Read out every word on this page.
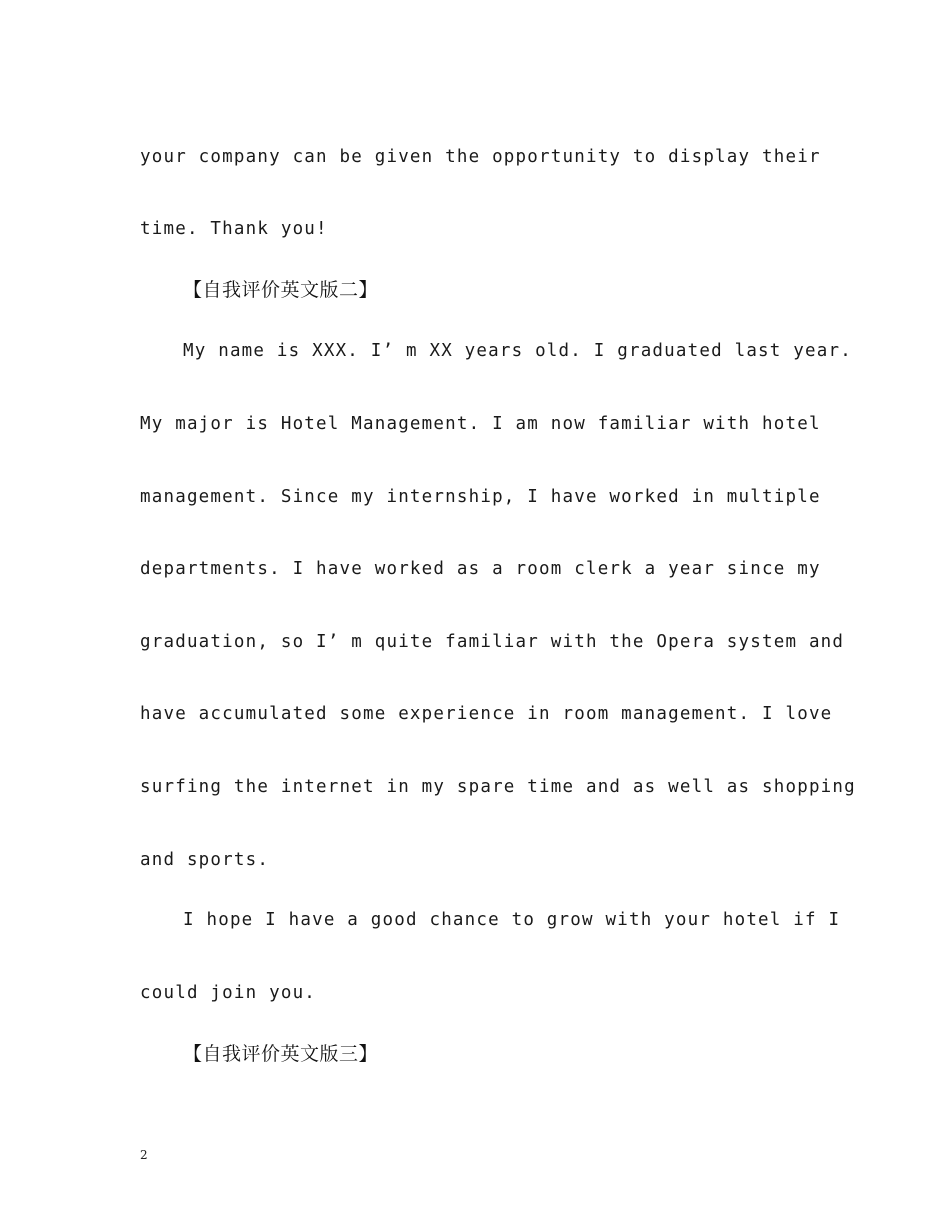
your company can be given the opportunity to display their
time. Thank you!
【自我评价英文版二】
My name is XXX. I’ m XX years old. I graduated last year.
My major is Hotel Management. I am now familiar with hotel
management. Since my internship, I have worked in multiple
departments. I have worked as a room clerk a year since my
graduation, so I’ m quite familiar with the Opera system and
have accumulated some experience in room management. I love
surfing the internet in my spare time and as well as shopping
and sports.
I hope I have a good chance to grow with your hotel if I
could join you.
【自我评价英文版三】
2
